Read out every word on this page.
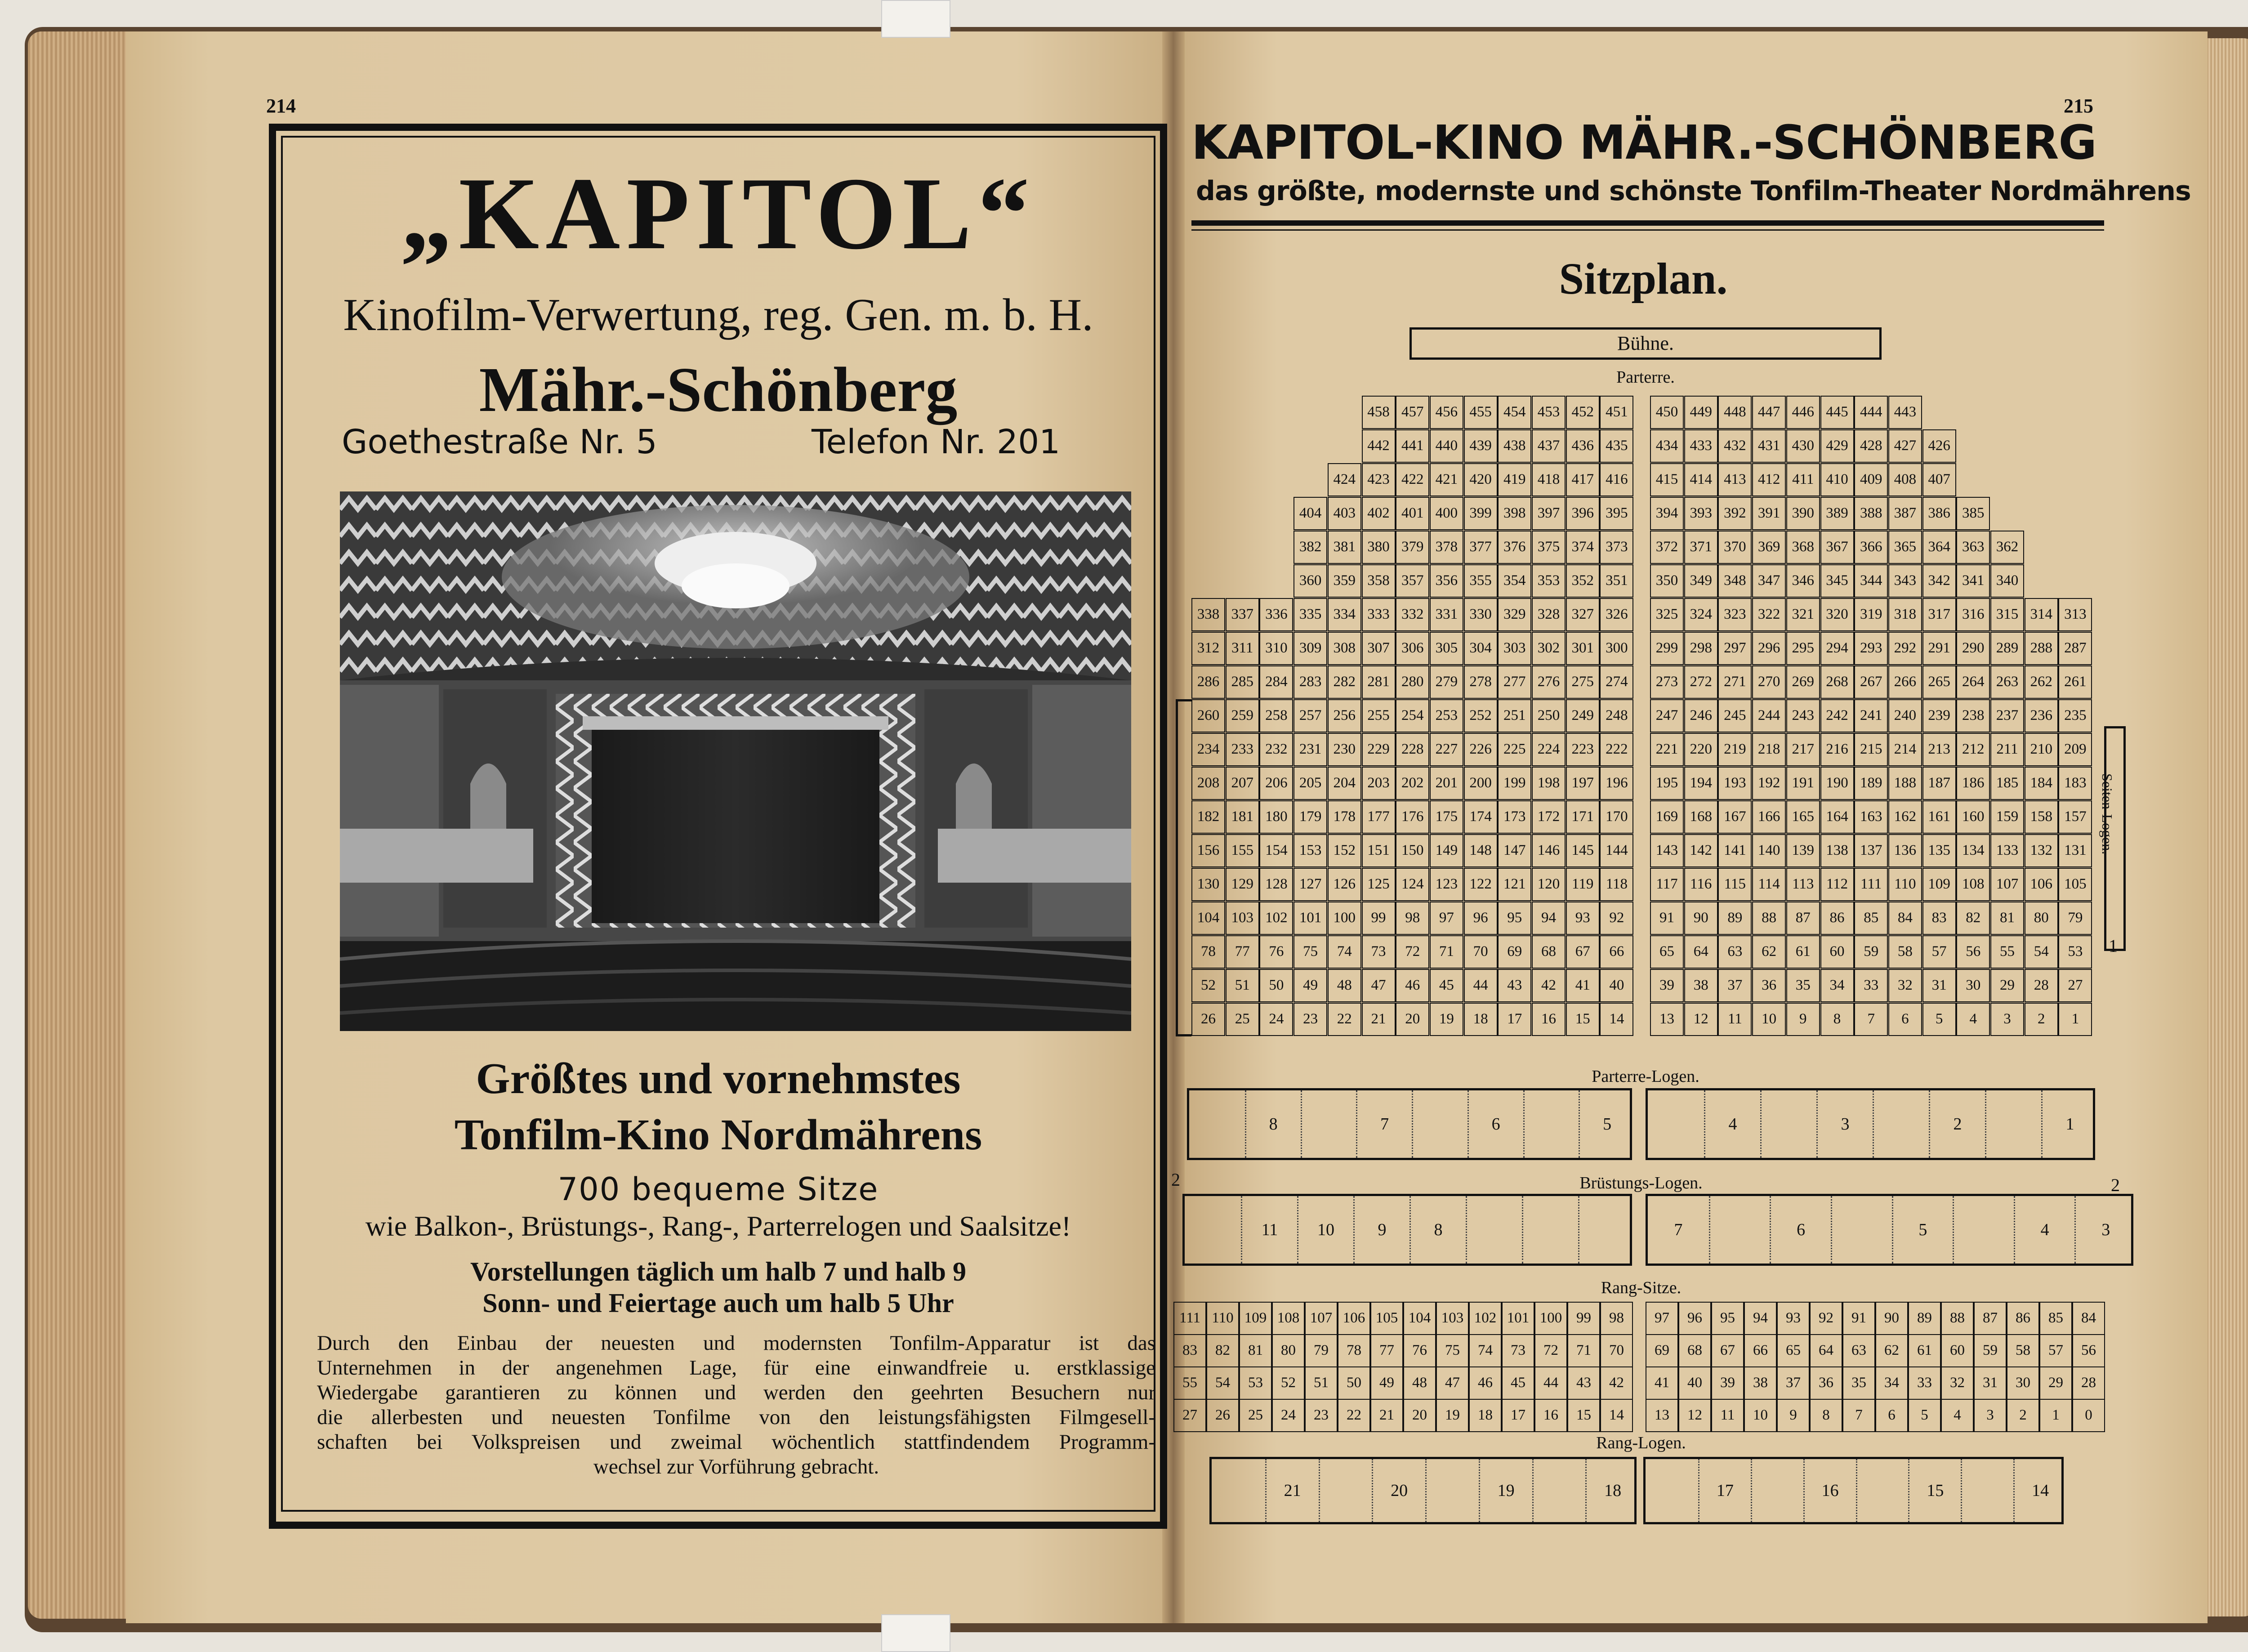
214
„KAPITOL“
Kinofilm-Verwertung, reg. Gen. m. b. H.
Mähr.-Schönberg
Goethestraße Nr. 5	Telefon Nr. 201
Größtes und vornehmstes
Tonfilm-Kino Nordmährens
700 bequeme Sitze
wie Balkon-, Brüstungs-, Rang-, Parterrelogen und Saalsitze!
Vorstellungen täglich um halb 7 und halb 9
Sonn- und Feiertage auch um halb 5 Uhr
Durch den Einbau der neuesten und modernsten Tonfilm-Apparatur ist das
Unternehmen in der angenehmen Lage, für eine einwandfreie u. erstklassige
Wiedergabe garantieren zu können und werden den geehrten Besuchern nur
die allerbesten und neuesten Tonfilme von den leistungsfähigsten Filmgesell-
schaften bei Volkspreisen und zweimal wöchentlich stattfindendem Programm-
wechsel zur Vorführung gebracht.
215
KAPITOL-KINO MÄHR.-SCHÖNBERG
das größte, modernste und schönste Tonfilm-Theater Nordmährens
Sitzplan.
Bühne.
Parterre.
458 457 456 455 454 453 452 451	450 449 448 447 446 445 444 443
442 441 440 439 438 437 436 435	434 433 432 431 430 429 428 427 426
424 423 422 421 420 419 418 417 416	415 414 413 412 411 410 409 408 407
404 403 402 401 400 399 398 397 396 395	394 393 392 391 390 389 388 387 386 385
382 381 380 379 378 377 376 375 374 373	372 371 370 369 368 367 366 365 364 363 362
360 359 358 357 356 355 354 353 352 351	350 349 348 347 346 345 344 343 342 341 340
338 337 336 335 334 333 332 331 330 329 328 327 326	325 324 323 322 321 320 319 318 317 316 315 314 313
312 311 310 309 308 307 306 305 304 303 302 301 300	299 298 297 296 295 294 293 292 291 290 289 288 287
286 285 284 283 282 281 280 279 278 277 276 275 274	273 272 271 270 269 268 267 266 265 264 263 262 261
260 259 258 257 256 255 254 253 252 251 250 249 248	247 246 245 244 243 242 241 240 239 238 237 236 235
234 233 232 231 230 229 228 227 226 225 224 223 222	221 220 219 218 217 216 215 214 213 212 211 210 209
208 207 206 205 204 203 202 201 200 199 198 197 196	195 194 193 192 191 190 189 188 187 186 185 184 183
182 181 180 179 178 177 176 175 174 173 172 171 170	169 168 167 166 165 164 163 162 161 160 159 158 157
156 155 154 153 152 151 150 149 148 147 146 145 144	143 142 141 140 139 138 137 136 135 134 133 132 131
130 129 128 127 126 125 124 123 122 121 120 119 118	117 116 115 114 113 112 111 110 109 108 107 106 105
104 103 102 101 100	99	98	97	96	95	94	93	92	91	90	89	88	87	86	85	84	83	82	81	80	79
78	77	76	75	74	73	72	71	70	69	68	67	66	65	64	63	62	61	60	59	58	57	56	55	54	53
52	51	50	49	48	47	46	45	44	43	42	41	40	39	38	37	36	35	34	33	32	31	30	29	28	27
26	25	24	23	22	21	20	19	18	17	16	15	14	13	12	11	10	9	8	7	6	5	4	3	2	1
Seiten-Logen.
1
Parterre-Logen.
8	7	6	5	4	3	2	1
2	2
Brüstungs-Logen.
11	10	9	8	7	6	5	4	3
Rang-Sitze.
111 110 109 108 107 106 105 104 103 102 101 100 99	98	97	96	95	94	93	92	91	90	89	88	87	86	85	84
83	82	81	80	79	78	77	76	75	74	73	72	71	70	69	68	67	66	65	64	63	62	61	60	59	58	57	56
55	54	53	52	51	50	49	48	47	46	45	44	43	42	41	40	39	38	37	36	35	34	33	32	31	30	29	28
27	26	25	24	23	22	21	20	19	18	17	16	15	14	13	12	11	10	9	8	7	6	5	4	3	2	1	0
Rang-Logen.
21	20	19	18	17	16	15	14
